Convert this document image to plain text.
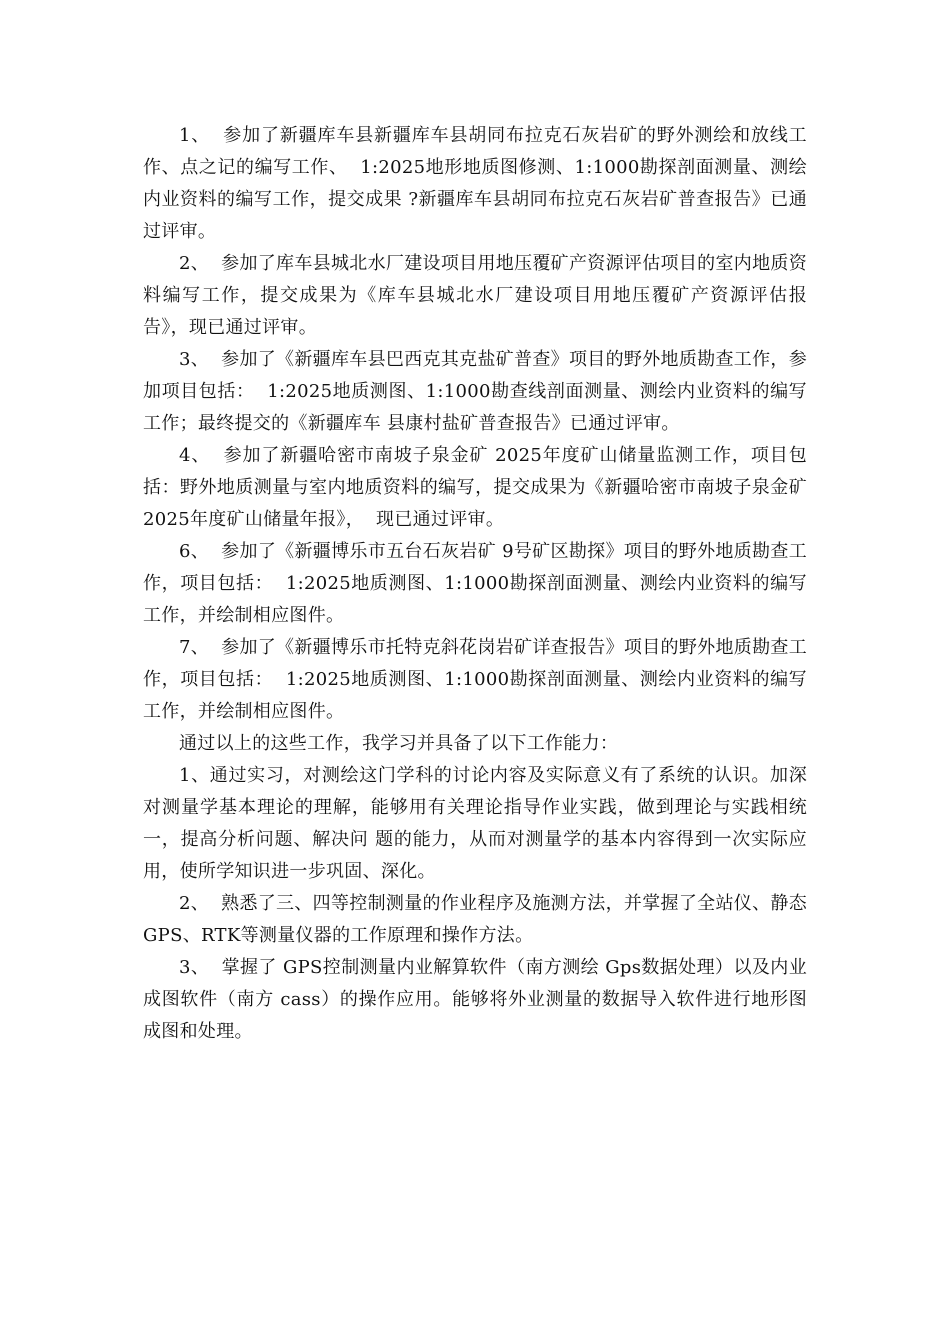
1、  参加了新疆库车县新疆库车县胡同布拉克石灰岩矿的野外测绘和放线工作、点之记的编写工作、  1:2025地形地质图修测、1:1000勘探剖面测量、测绘内业资料的编写工作，提交成果 ?新疆库车县胡同布拉克石灰岩矿普查报告》已通过评审。

2、  参加了库车县城北水厂建设项目用地压覆矿产资源评估项目的室内地质资料编写工作，提交成果为《库车县城北水厂建设项目用地压覆矿产资源评估报告》，现已通过评审。

3、  参加了《新疆库车县巴西克其克盐矿普查》项目的野外地质勘查工作，参加项目包括：  1:2025地质测图、1:1000勘查线剖面测量、测绘内业资料的编写工作；最终提交的《新疆库车 县康村盐矿普查报告》已通过评审。

4、  参加了新疆哈密市南坡子泉金矿 2025年度矿山储量监测工作，项目包括：野外地质测量与室内地质资料的编写，提交成果为《新疆哈密市南坡子泉金矿 2025年度矿山储量年报》，  现已通过评审。

6、  参加了《新疆博乐市五台石灰岩矿 9号矿区勘探》项目的野外地质勘查工作，项目包括：  1:2025地质测图、1:1000勘探剖面测量、测绘内业资料的编写工作，并绘制相应图件。

7、  参加了《新疆博乐市托特克斜花岗岩矿详查报告》项目的野外地质勘查工作，项目包括：  1:2025地质测图、1:1000勘探剖面测量、测绘内业资料的编写工作，并绘制相应图件。

通过以上的这些工作，我学习并具备了以下工作能力：

1、通过实习，对测绘这门学科的讨论内容及实际意义有了系统的认识。加深对测量学基本理论的理解，能够用有关理论指导作业实践，做到理论与实践相统一，提高分析问题、解决问 题的能力，从而对测量学的基本内容得到一次实际应用，使所学知识进一步巩固、深化。

2、  熟悉了三、四等控制测量的作业程序及施测方法，并掌握了全站仪、静态 GPS、RTK等测量仪器的工作原理和操作方法。

3、  掌握了 GPS控制测量内业解算软件（南方测绘 Gps数据处理）以及内业成图软件（南方 cass）的操作应用。能够将外业测量的数据导入软件进行地形图成图和处理。
